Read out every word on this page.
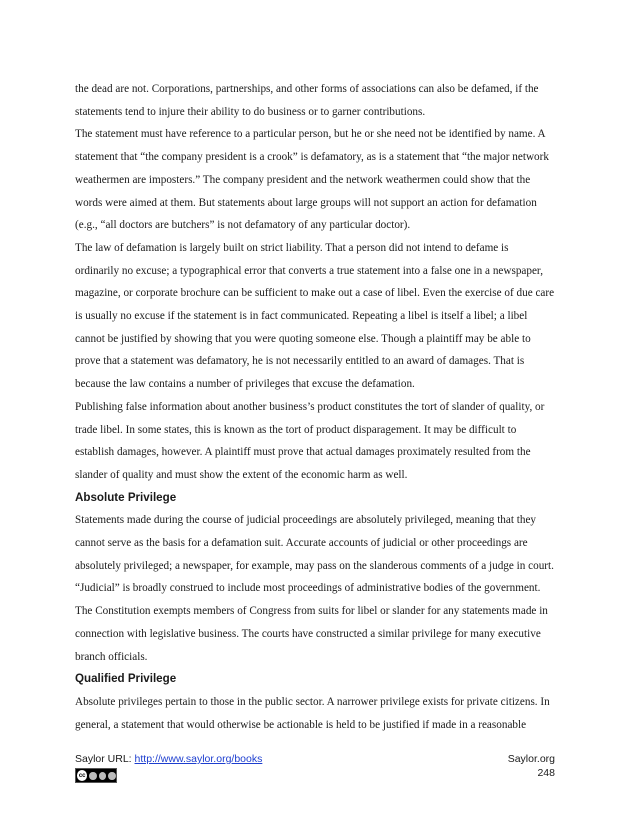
the dead are not. Corporations, partnerships, and other forms of associations can also be defamed, if the statements tend to injure their ability to do business or to garner contributions.

The statement must have reference to a particular person, but he or she need not be identified by name. A statement that “the company president is a crook” is defamatory, as is a statement that “the major network weathermen are imposters.” The company president and the network weathermen could show that the words were aimed at them. But statements about large groups will not support an action for defamation (e.g., “all doctors are butchers” is not defamatory of any particular doctor).

The law of defamation is largely built on strict liability. That a person did not intend to defame is ordinarily no excuse; a typographical error that converts a true statement into a false one in a newspaper, magazine, or corporate brochure can be sufficient to make out a case of libel. Even the exercise of due care is usually no excuse if the statement is in fact communicated. Repeating a libel is itself a libel; a libel cannot be justified by showing that you were quoting someone else. Though a plaintiff may be able to prove that a statement was defamatory, he is not necessarily entitled to an award of damages. That is because the law contains a number of privileges that excuse the defamation.

Publishing false information about another business’s product constitutes the tort of slander of quality, or trade libel. In some states, this is known as the tort of product disparagement. It may be difficult to establish damages, however. A plaintiff must prove that actual damages proximately resulted from the slander of quality and must show the extent of the economic harm as well.

Absolute Privilege

Statements made during the course of judicial proceedings are absolutely privileged, meaning that they cannot serve as the basis for a defamation suit. Accurate accounts of judicial or other proceedings are absolutely privileged; a newspaper, for example, may pass on the slanderous comments of a judge in court. “Judicial” is broadly construed to include most proceedings of administrative bodies of the government. The Constitution exempts members of Congress from suits for libel or slander for any statements made in connection with legislative business. The courts have constructed a similar privilege for many executive branch officials.

Qualified Privilege

Absolute privileges pertain to those in the public sector. A narrower privilege exists for private citizens. In general, a statement that would otherwise be actionable is held to be justified if made in a reasonable

Saylor URL: http://www.saylor.org/books
cc
Saylor.org
248
